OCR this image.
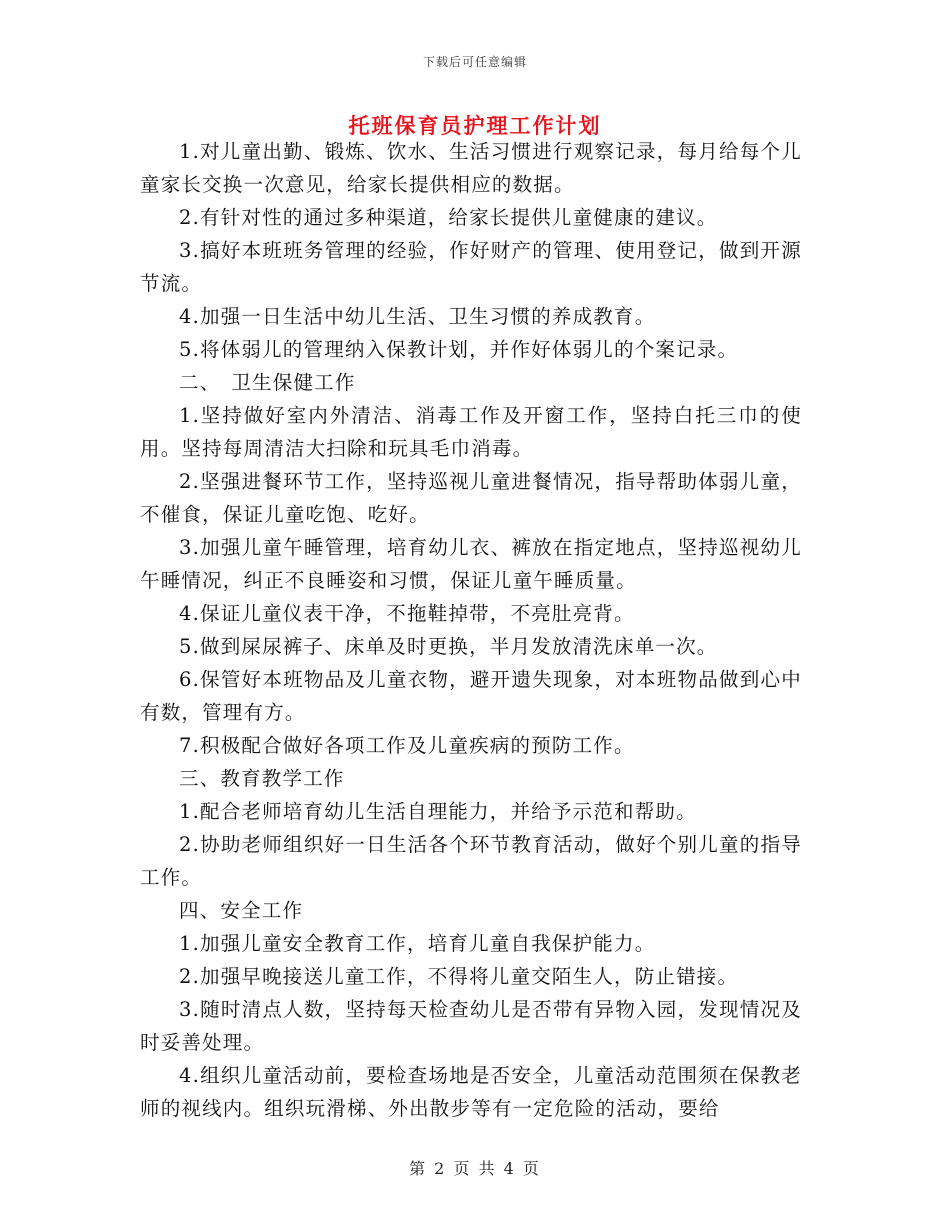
下载后可任意编辑
托班保育员护理工作计划

1.对儿童出勤、锻炼、饮水、生活习惯进行观察记录，每月给每个儿童家长交换一次意见，给家长提供相应的数据。

2.有针对性的通过多种渠道，给家长提供儿童健康的建议。

3.搞好本班班务管理的经验，作好财产的管理、使用登记，做到开源节流。

4.加强一日生活中幼儿生活、卫生习惯的养成教育。

5.将体弱儿的管理纳入保教计划，并作好体弱儿的个案记录。

二、　卫生保健工作

1.坚持做好室内外清洁、消毒工作及开窗工作，坚持白托三巾的使用。坚持每周清洁大扫除和玩具毛巾消毒。

2.坚强进餐环节工作，坚持巡视儿童进餐情况，指导帮助体弱儿童，不催食，保证儿童吃饱、吃好。

3.加强儿童午睡管理，培育幼儿衣、裤放在指定地点，坚持巡视幼儿午睡情况，纠正不良睡姿和习惯，保证儿童午睡质量。

4.保证儿童仪表干净，不拖鞋掉带，不亮肚亮背。

5.做到屎尿裤子、床单及时更换，半月发放清洗床单一次。

6.保管好本班物品及儿童衣物，避开遗失现象，对本班物品做到心中有数，管理有方。

7.积极配合做好各项工作及儿童疾病的预防工作。

三、教育教学工作

1.配合老师培育幼儿生活自理能力，并给予示范和帮助。

2.协助老师组织好一日生活各个环节教育活动，做好个别儿童的指导工作。

四、安全工作

1.加强儿童安全教育工作，培育儿童自我保护能力。

2.加强早晚接送儿童工作，不得将儿童交陌生人，防止错接。

3.随时清点人数，坚持每天检查幼儿是否带有异物入园，发现情况及时妥善处理。

4.组织儿童活动前，要检查场地是否安全，儿童活动范围须在保教老师的视线内。组织玩滑梯、外出散步等有一定危险的活动，要给

第 2 页 共 4 页
